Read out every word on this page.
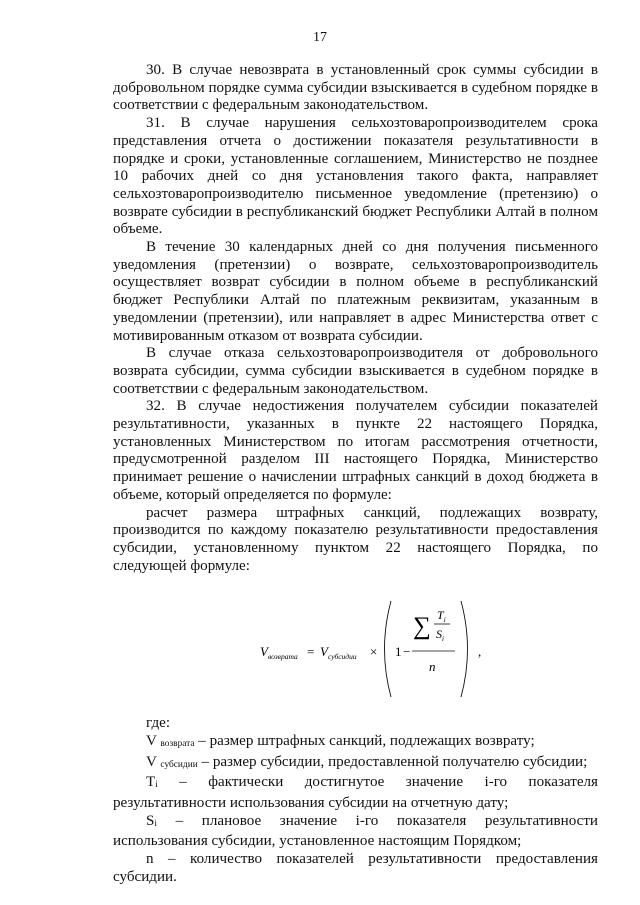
17

30. В случае невозврата в установленный срок суммы субсидии в добровольном порядке сумма субсидии взыскивается в судебном порядке в соответствии с федеральным законодательством.

31. В случае нарушения сельхозтоваропроизводителем срока представления отчета о достижении показателя результативности в порядке и сроки, установленные соглашением, Министерство не позднее 10 рабочих дней со дня установления такого факта, направляет сельхозтоваропроизводителю письменное уведомление (претензию) о возврате субсидии в республиканский бюджет Республики Алтай в полном объеме.

В течение 30 календарных дней со дня получения письменного уведомления (претензии) о возврате, сельхозтоваропроизводитель осуществляет возврат субсидии в полном объеме в республиканский бюджет Республики Алтай по платежным реквизитам, указанным в уведомлении (претензии), или направляет в адрес Министерства ответ с мотивированным отказом от возврата субсидии.

В случае отказа сельхозтоваропроизводителя от добровольного возврата субсидии, сумма субсидии взыскивается в судебном порядке в соответствии с федеральным законодательством.

32. В случае недостижения получателем субсидии показателей результативности, указанных в пункте 22 настоящего Порядка, установленных Министерством по итогам рассмотрения отчетности, предусмотренной разделом III настоящего Порядка, Министерство принимает решение о начислении штрафных санкций в доход бюджета в объеме, который определяется по формуле:

расчет размера штрафных санкций, подлежащих возврату, производится по каждому показателю результативности предоставления субсидии, установленному пунктом 22 настоящего Порядка, по следующей формуле:

$V_{возврата} = V_{субсидии} \times 1$ −
∑ $T_i$
$S_i$
n
,

где:

V $_{возврата}$ – размер штрафных санкций, подлежащих возврату;

V $_{субсидии}$ – размер субсидии, предоставленной получателю субсидии;

$T_i$ – фактически достигнутое значение i-го показателя результативности использования субсидии на отчетную дату;

$S_i$ – плановое значение i-го показателя результативности использования субсидии, установленное настоящим Порядком;

n – количество показателей результативности предоставления субсидии.
